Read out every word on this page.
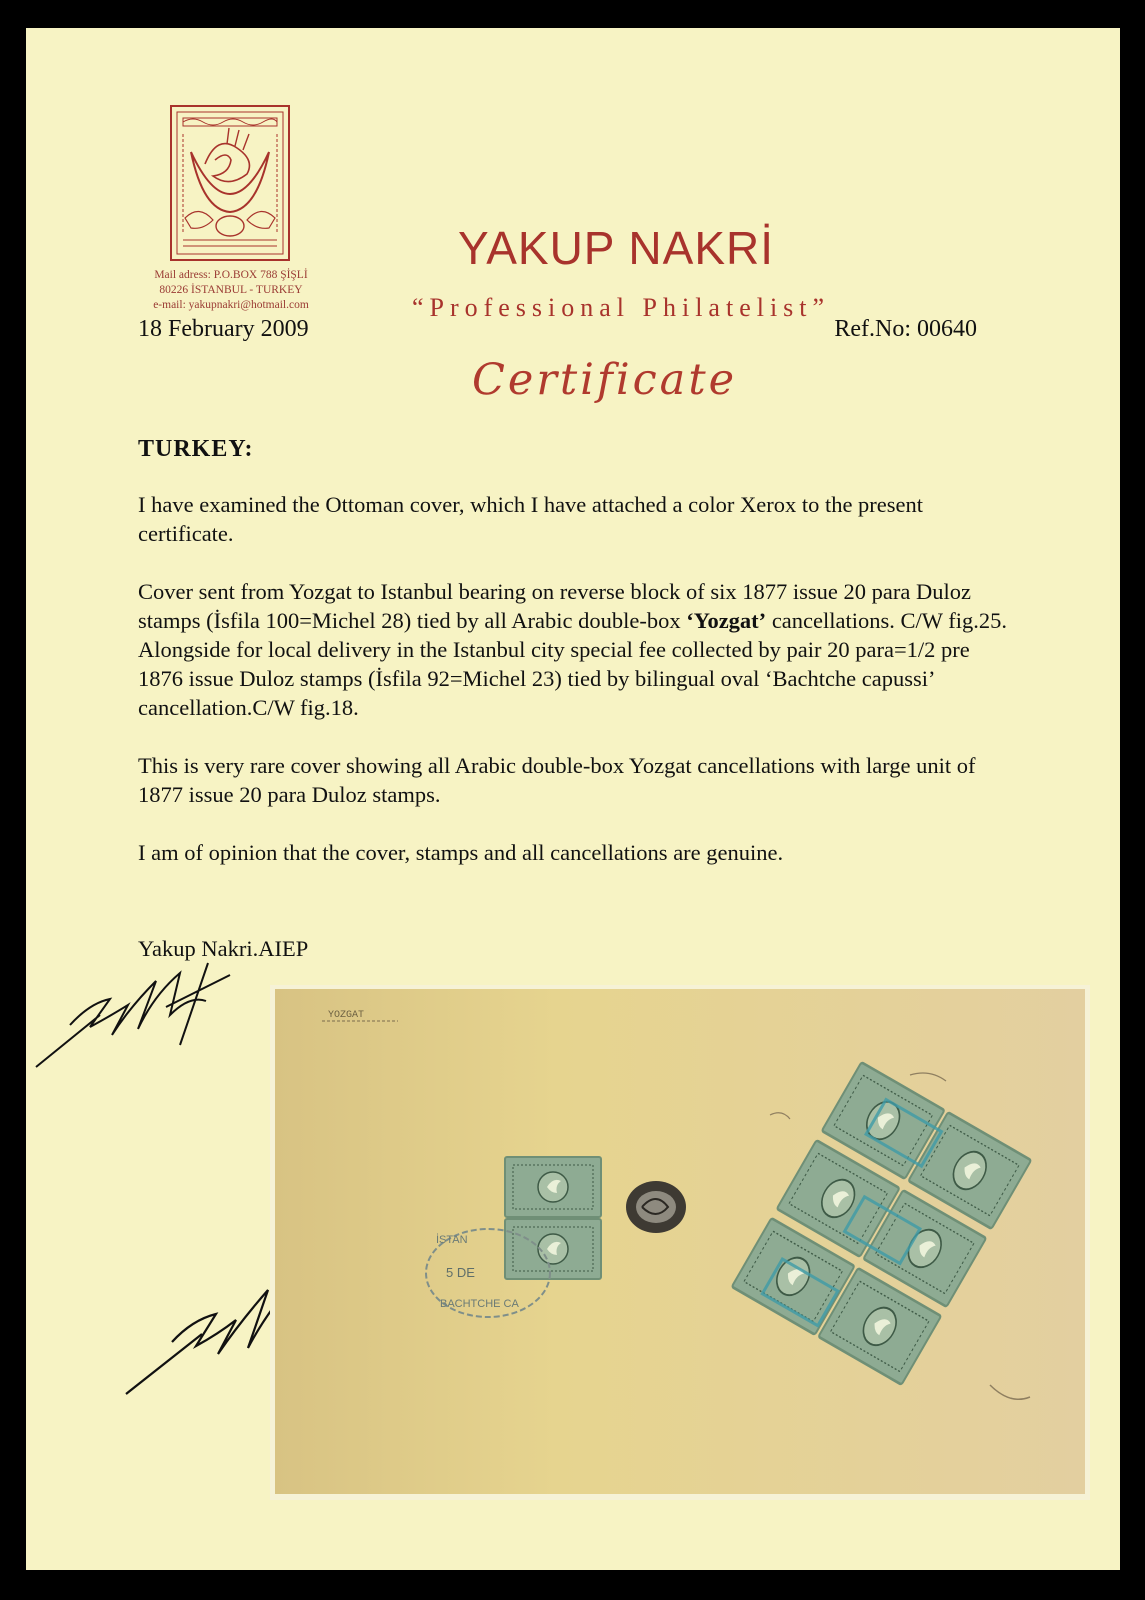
Mail adress: P.O.BOX 788 ŞİŞLİ
80226 İSTANBUL - TURKEY
e-mail: yakupnakri@hotmail.com
YAKUP NAKRİ
“Professional Philatelist”
18 February 2009	Ref.No: 00640
Certificate
TURKEY:

I have examined the Ottoman cover, which I have attached a color Xerox to the present certificate.

Cover sent from Yozgat to Istanbul bearing on reverse block of six 1877 issue 20 para Duloz stamps (İsfila 100=Michel 28) tied by all Arabic double-box ‘Yozgat’ cancellations. C/W fig.25.

Alongside for local delivery in the Istanbul city special fee collected by pair 20 para=1/2 pre 1876 issue Duloz stamps (İsfila 92=Michel 23) tied by bilingual oval ‘Bachtche capussi’ cancellation.C/W fig.18.

This is very rare cover showing all Arabic double-box Yozgat cancellations with large unit of 1877 issue 20 para Duloz stamps.

I am of opinion that the cover, stamps and all cancellations are genuine.

Yakup Nakri.AIEP
YOZGAT
İSTAN
5 DE
BACHTCHE CA
